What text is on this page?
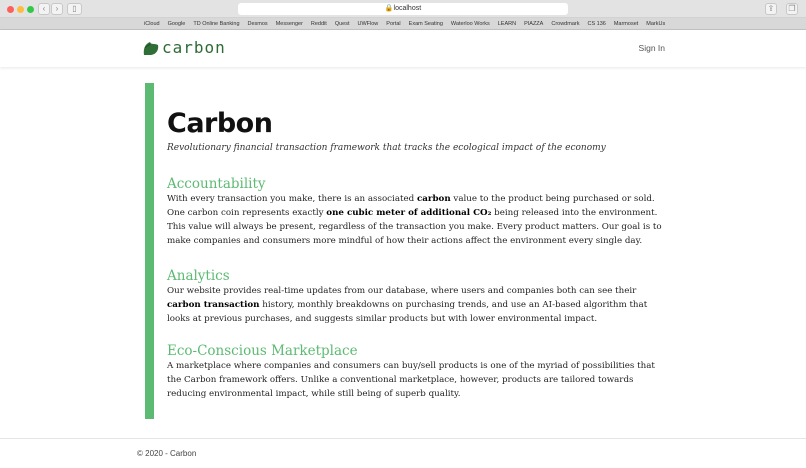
‹	›	▯	🔒localhost	⇪	❐
iCloud Google TD Online Banking Desmos Messenger Reddit Quest UWFlow Portal Exam Seating Waterloo Works LEARN PIAZZA Crowdmark CS 136 Marmoset MarkUs
carbon	Sign In
Carbon
Revolutionary financial transaction framework that tracks the ecological impact of the economy
Accountability

With every transaction you make, there is an associated carbon value to the product being purchased or sold. One carbon coin represents exactly one cubic meter of additional CO₂ being released into the environment. This value will always be present, regardless of the transaction you make. Every product matters. Our goal is to make companies and consumers more mindful of how their actions affect the environment every single day.

Analytics

Our website provides real-time updates from our database, where users and companies both can see their carbon transaction history, monthly breakdowns on purchasing trends, and use an AI-based algorithm that looks at previous purchases, and suggests similar products but with lower environmental impact.

Eco-Conscious Marketplace

A marketplace where companies and consumers can buy/sell products is one of the myriad of possibilities that the Carbon framework offers. Unlike a conventional marketplace, however, products are tailored towards reducing environmental impact, while still being of superb quality.

© 2020 - Carbon
